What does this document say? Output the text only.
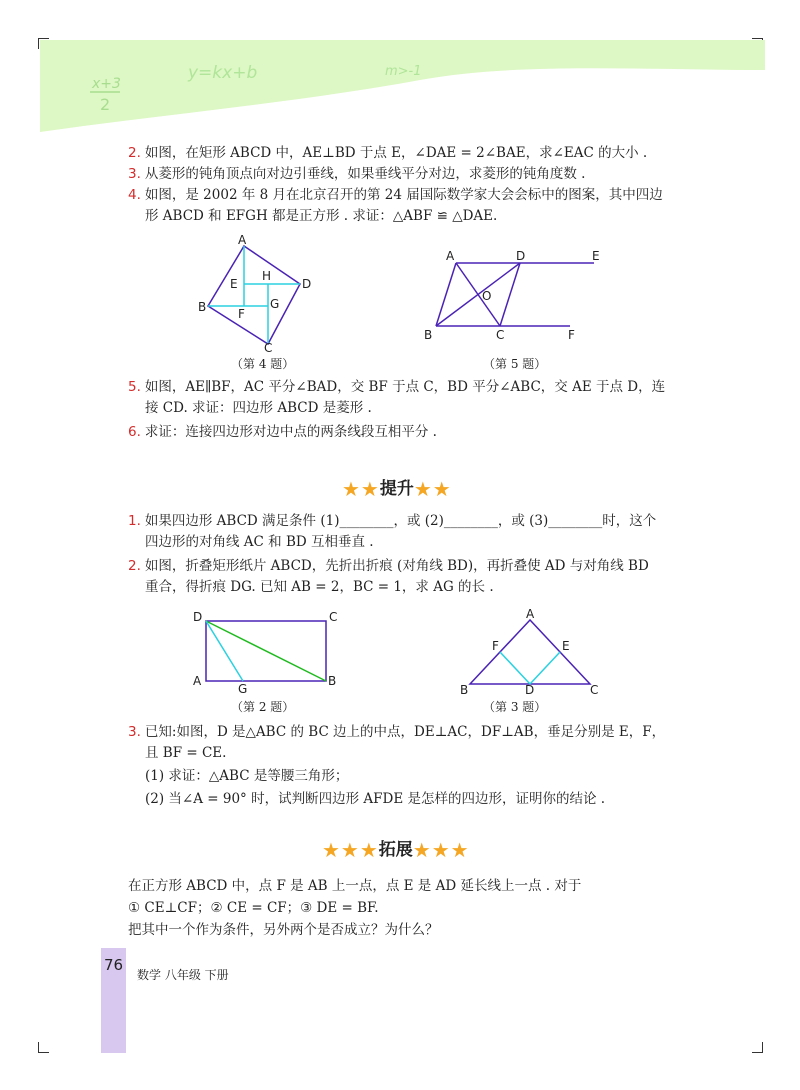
x+3
2
y=kx+b	m>-1
2. 如图，在矩形 ABCD 中，AE⊥BD 于点 E，∠DAE = 2∠BAE，求∠EAC 的大小 .
3. 从菱形的钝角顶点向对边引垂线，如果垂线平分对边，求菱形的钝角度数 .
4. 如图，是 2002 年 8 月在北京召开的第 24 届国际数学家大会会标中的图案，其中四边
形 ABCD 和 EFGH 都是正方形 . 求证：△ABF ≌ △DAE.
A
B
C
D
E
F
G
H
（第 4 题）
A	D	E
O
B	C	F
（第 5 题）
5. 如图，AE∥BF，AC 平分∠BAD，交 BF 于点 C，BD 平分∠ABC，交 AE 于点 D，连
接 CD. 求证：四边形 ABCD 是菱形 .
6. 求证：连接四边形对边中点的两条线段互相平分 .
★★提升★★
1. 如果四边形 ABCD 满足条件 (1)________，或 (2)________，或 (3)________时，这个
四边形的对角线 AC 和 BD 互相垂直 .
2. 如图，折叠矩形纸片 ABCD，先折出折痕 (对角线 BD)，再折叠使 AD 与对角线 BD
重合，得折痕 DG. 已知 AB = 2，BC = 1，求 AG 的长 .
D	C
A	B
G
（第 2 题）
A
F	E
B	D	C
（第 3 题）
3. 已知:如图，D 是△ABC 的 BC 边上的中点，DE⊥AC，DF⊥AB，垂足分别是 E，F，
且 BF = CE.
(1) 求证：△ABC 是等腰三角形；
(2) 当∠A = 90° 时，试判断四边形 AFDE 是怎样的四边形，证明你的结论 .
★★★拓展★★★
在正方形 ABCD 中，点 F 是 AB 上一点，点 E 是 AD 延长线上一点 . 对于
① CE⊥CF；② CE = CF；③ DE = BF.
把其中一个作为条件，另外两个是否成立？为什么？
76
数学 八年级 下册
